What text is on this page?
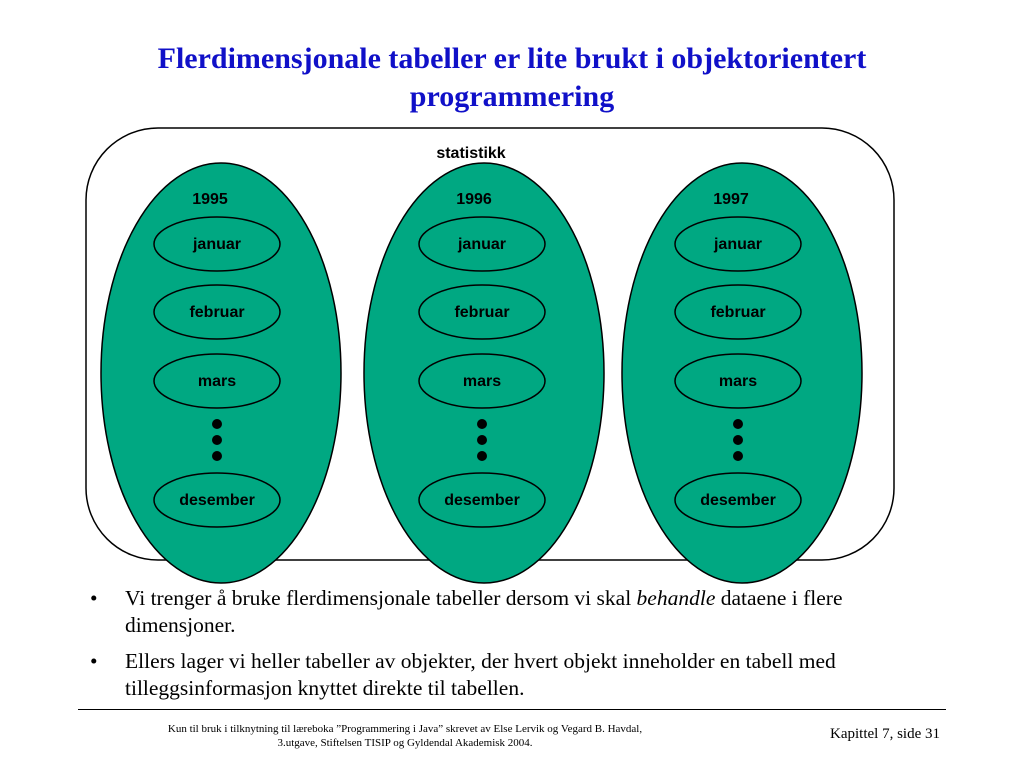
Flerdimensjonale tabeller er lite brukt i objektorientert programmering
statistikk
1995
januar
februar
mars
desember
1996
januar
februar
mars
desember
1997
januar
februar
mars
desember
• Vi trenger å bruke flerdimensjonale tabeller dersom vi skal behandle dataene i flere dimensjoner.
• Ellers lager vi heller tabeller av objekter, der hvert objekt inneholder en tabell med tilleggsinformasjon knyttet direkte til tabellen.
Kun til bruk i tilknytning til læreboka ”Programmering i Java” skrevet av Else Lervik og Vegard B. Havdal,
3.utgave, Stiftelsen TISIP og Gyldendal Akademisk 2004.
Kapittel 7, side 31
